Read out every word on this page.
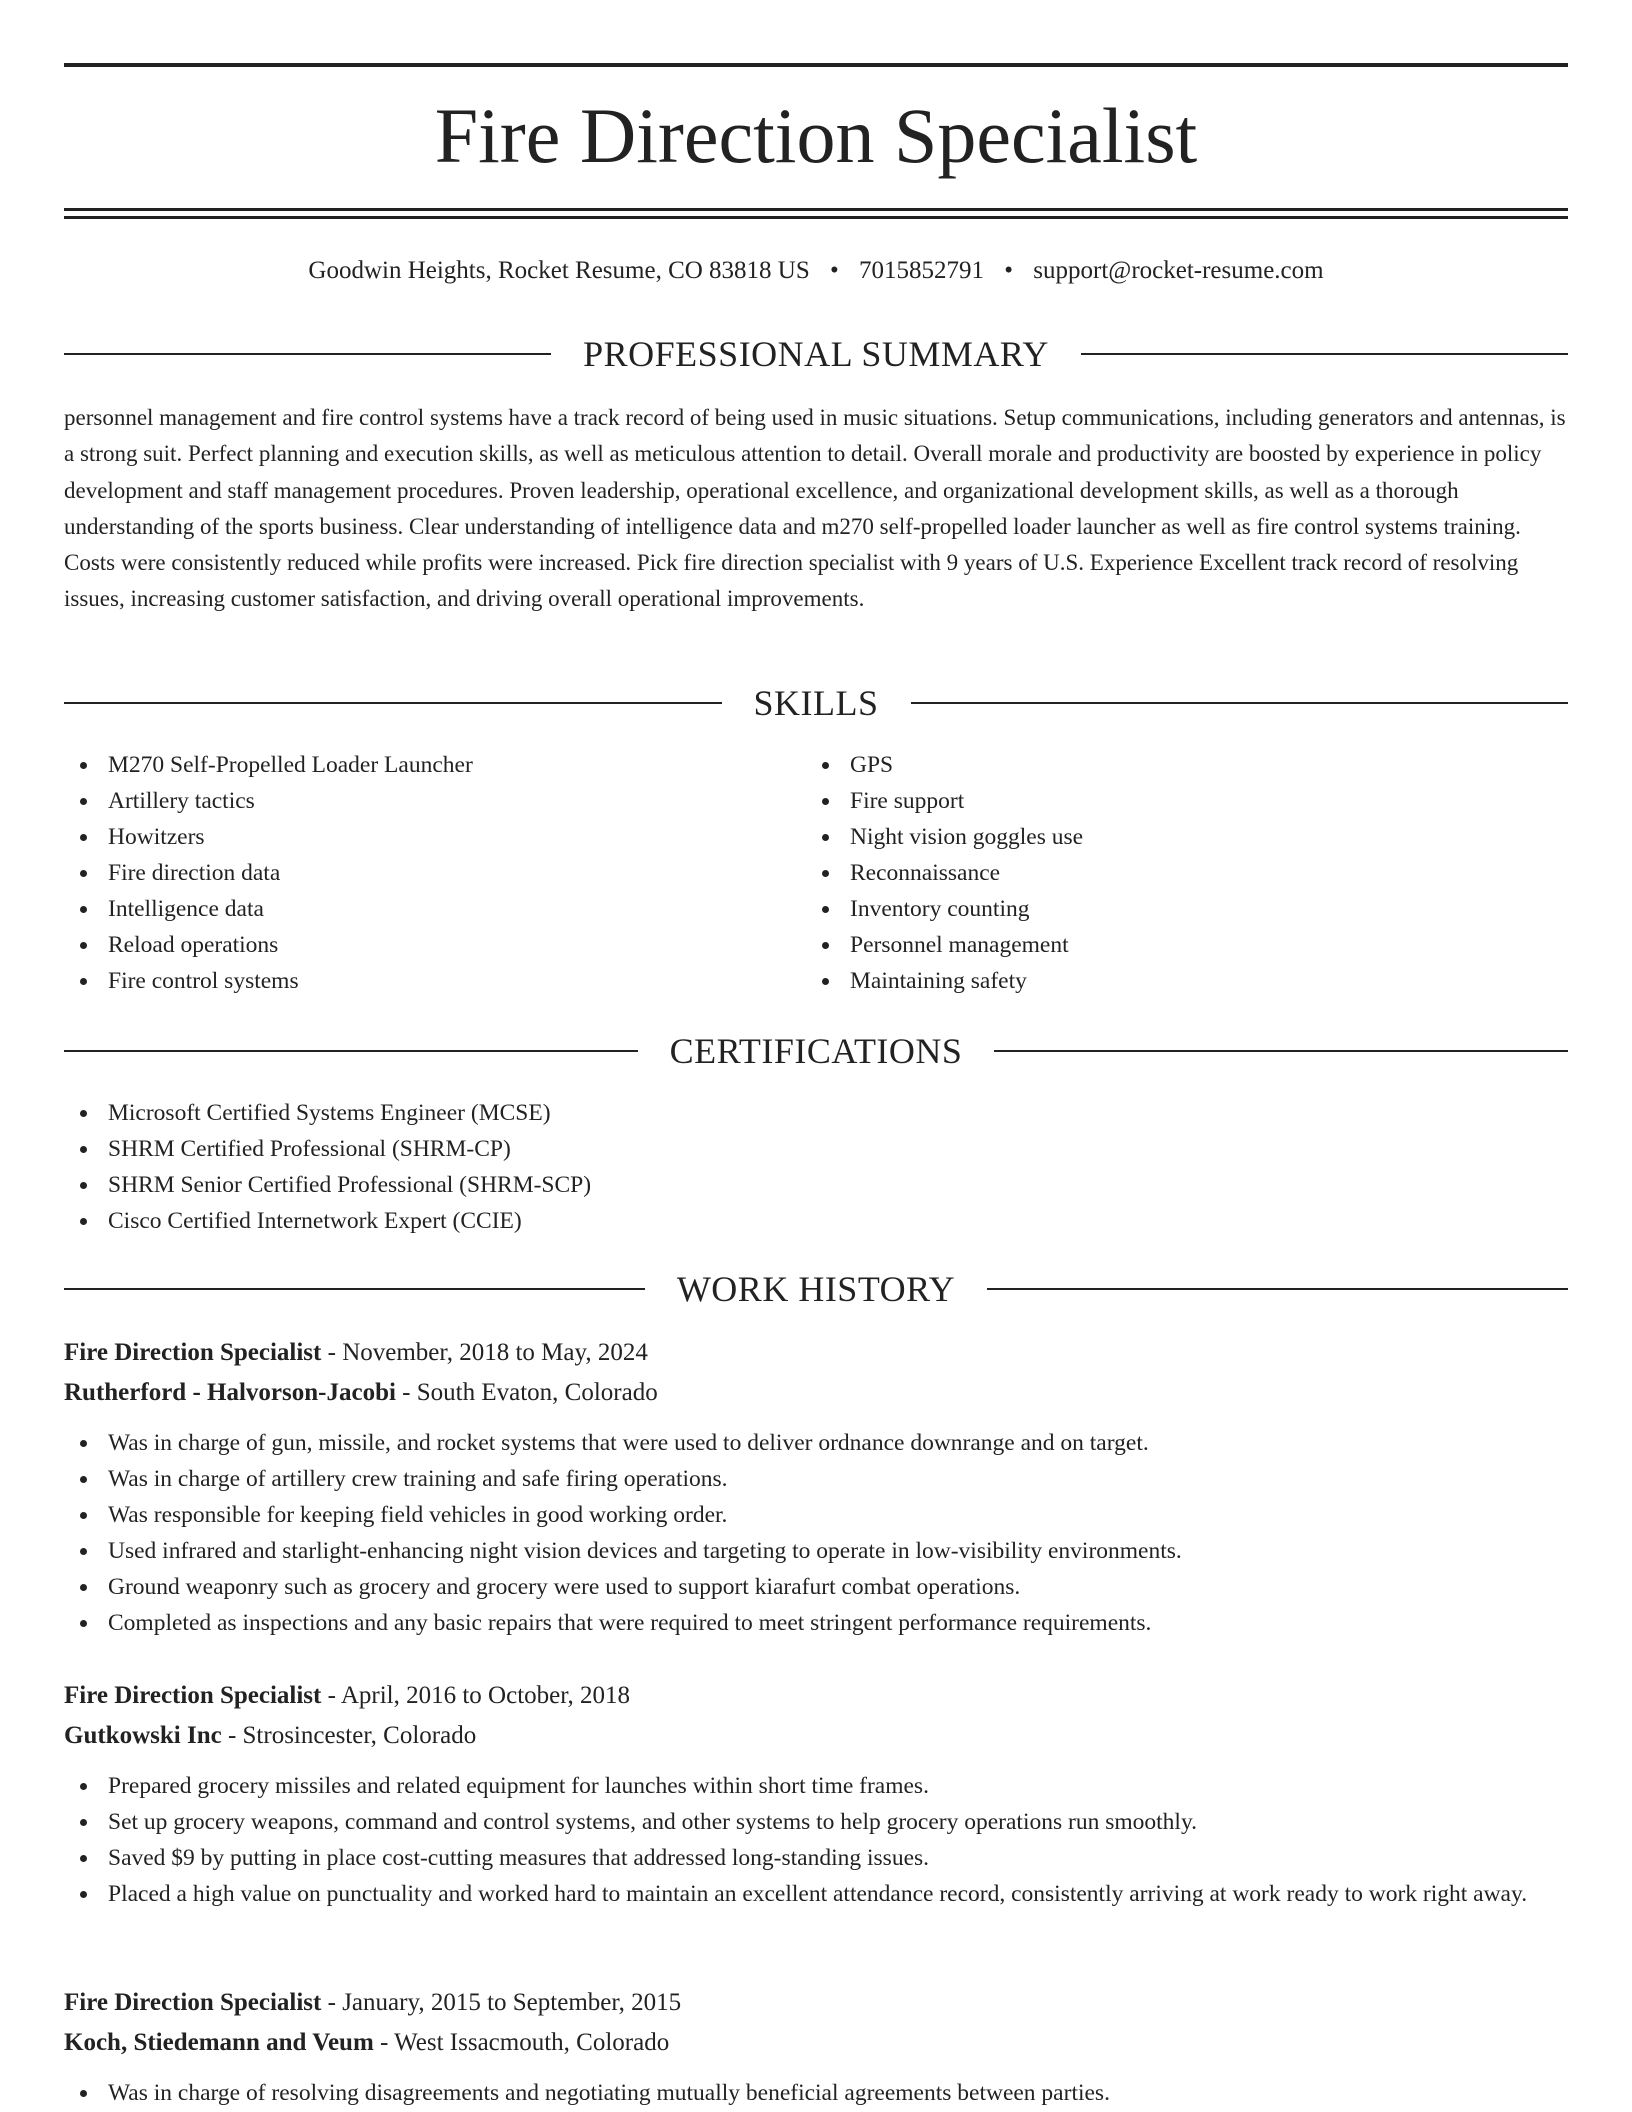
Fire Direction Specialist
Goodwin Heights, Rocket Resume, CO 83818 US • 7015852791 • support@rocket-resume.com
PROFESSIONAL SUMMARY

personnel management and fire control systems have a track record of being used in music situations. Setup communications, including generators and antennas, is a strong suit. Perfect planning and execution skills, as well as meticulous attention to detail. Overall morale and productivity are boosted by experience in policy development and staff management procedures. Proven leadership, operational excellence, and organizational development skills, as well as a thorough understanding of the sports business. Clear understanding of intelligence data and m270 self-propelled loader launcher as well as fire control systems training. Costs were consistently reduced while profits were increased. Pick fire direction specialist with 9 years of U.S. Experience Excellent track record of resolving issues, increasing customer satisfaction, and driving overall operational improvements.

SKILLS
M270 Self-Propelled Loader Launcher
Artillery tactics
Howitzers
Fire direction data
Intelligence data
Reload operations
Fire control systems
GPS
Fire support
Night vision goggles use
Reconnaissance
Inventory counting
Personnel management
Maintaining safety
CERTIFICATIONS
Microsoft Certified Systems Engineer (MCSE)
SHRM Certified Professional (SHRM-CP)
SHRM Senior Certified Professional (SHRM-SCP)
Cisco Certified Internetwork Expert (CCIE)
WORK HISTORY
Fire Direction Specialist - November, 2018 to May, 2024
Rutherford - Halvorson-Jacobi - South Evaton, Colorado
Was in charge of gun, missile, and rocket systems that were used to deliver ordnance downrange and on target.
Was in charge of artillery crew training and safe firing operations.
Was responsible for keeping field vehicles in good working order.
Used infrared and starlight-enhancing night vision devices and targeting to operate in low-visibility environments.
Ground weaponry such as grocery and grocery were used to support kiarafurt combat operations.
Completed as inspections and any basic repairs that were required to meet stringent performance requirements.
Fire Direction Specialist - April, 2016 to October, 2018
Gutkowski Inc - Strosincester, Colorado
Prepared grocery missiles and related equipment for launches within short time frames.
Set up grocery weapons, command and control systems, and other systems to help grocery operations run smoothly.
Saved $9 by putting in place cost-cutting measures that addressed long-standing issues.
Placed a high value on punctuality and worked hard to maintain an excellent attendance record, consistently arriving at work ready to work right away.
Fire Direction Specialist - January, 2015 to September, 2015
Koch, Stiedemann and Veum - West Issacmouth, Colorado
Was in charge of resolving disagreements and negotiating mutually beneficial agreements between parties.
